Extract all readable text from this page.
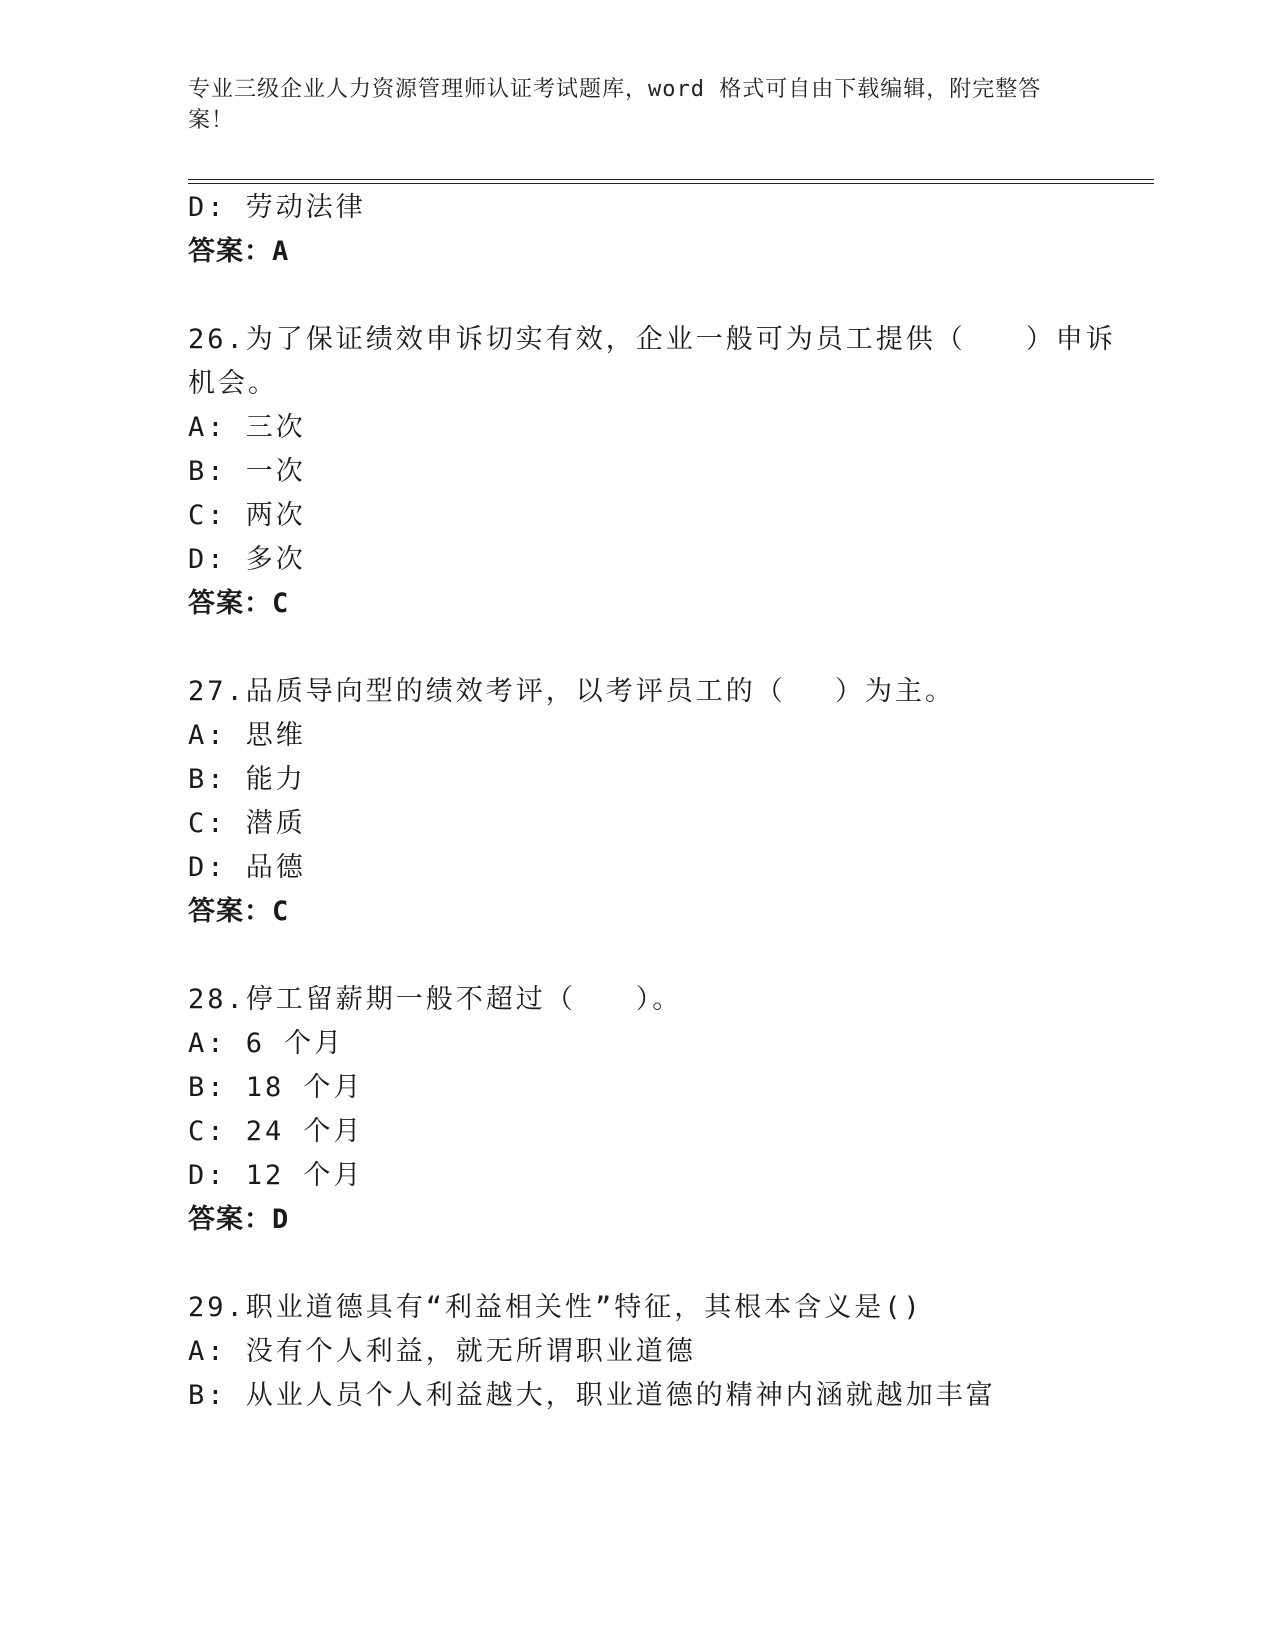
专业三级企业人力资源管理师认证考试题库，word 格式可自由下载编辑，附完整答案！
D: 劳动法律
答案：A
26.为了保证绩效申诉切实有效，企业一般可为员工提供（　　）申诉
机会。
A: 三次
B: 一次
C: 两次
D: 多次
答案：C
27.品质导向型的绩效考评，以考评员工的（　 ）为主。
A: 思维
B: 能力
C: 潜质
D: 品德
答案：C
28.停工留薪期一般不超过（　　）。
A: 6 个月
B: 18 个月
C: 24 个月
D: 12 个月
答案：D
29.职业道德具有“利益相关性”特征，其根本含义是()
A: 没有个人利益，就无所谓职业道德
B: 从业人员个人利益越大，职业道德的精神内涵就越加丰富
